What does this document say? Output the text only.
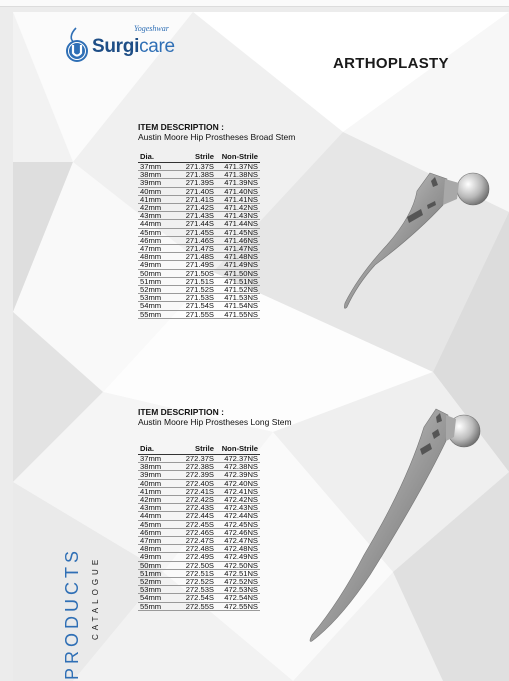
Yogeshwar
Surgicare
ARTHOPLASTY
ITEM DESCRIPTION :
Austin Moore Hip Prostheses Broad Stem
Dia.	Strile	Non-Strile
37mm	271.37S	471.37NS
38mm	271.38S	471.38NS
39mm	271.39S	471.39NS
40mm	271.40S	471.40NS
41mm	271.41S	471.41NS
42mm	271.42S	471.42NS
43mm	271.43S	471.43NS
44mm	271.44S	471.44NS
45mm	271.45S	471.45NS
46mm	271.46S	471.46NS
47mm	271.47S	471.47NS
48mm	271.48S	471.48NS
49mm	271.49S	471.49NS
50mm	271.50S	471.50NS
51mm	271.51S	471.51NS
52mm	271.52S	471.52NS
53mm	271.53S	471.53NS
54mm	271.54S	471.54NS
55mm	271.55S	471.55NS
ITEM DESCRIPTION :
Austin Moore Hip Prostheses Long Stem
Dia.	Strile	Non-Strile
37mm	272.37S	472.37NS
38mm	272.38S	472.38NS
39mm	272.39S	472.39NS
40mm	272.40S	472.40NS
41mm	272.41S	472.41NS
42mm	272.42S	472.42NS
43mm	272.43S	472.43NS
44mm	272.44S	472.44NS
45mm	272.45S	472.45NS
46mm	272.46S	472.46NS
47mm	272.47S	472.47NS
48mm	272.48S	472.48NS
49mm	272.49S	472.49NS
50mm	272.50S	472.50NS
51mm	272.51S	472.51NS
52mm	272.52S	472.52NS
53mm	272.53S	472.53NS
54mm	272.54S	472.54NS
55mm	272.55S	472.55NS
PRODUCTS CATALOGUE
